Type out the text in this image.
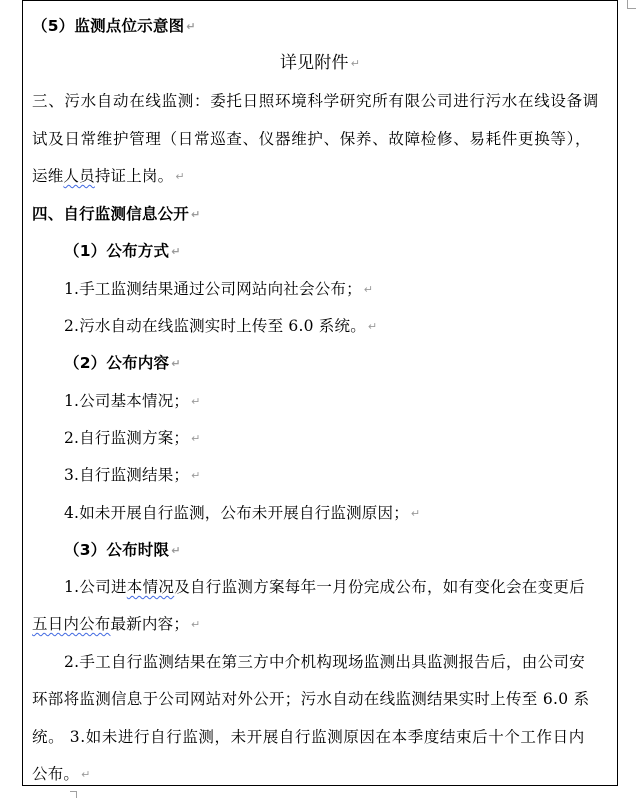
（5）监测点位示意图 ↵
详见附件 ↵
三、污水自动在线监测：委托日照环境科学研究所有限公司进行污水在线设备调
试及日常维护管理（日常巡查、仪器维护、保养、故障检修、易耗件更换等），
运维人员持证上岗。 ↵
四、自行监测信息公开 ↵
（1）公布方式 ↵
1.手工监测结果通过公司网站向社会公布； ↵
2.污水自动在线监测实时上传至 6.0 系统。 ↵
（2）公布内容 ↵
1.公司基本情况； ↵
2.自行监测方案； ↵
3.自行监测结果； ↵
4.如未开展自行监测，公布未开展自行监测原因； ↵
（3）公布时限 ↵
1.公司进本情况及自行监测方案每年一月份完成公布，如有变化会在变更后
五日内公布最新内容； ↵
2.手工自行监测结果在第三方中介机构现场监测出具监测报告后，由公司安
环部将监测信息于公司网站对外公开；污水自动在线监测结果实时上传至 6.0 系
统。 3.如未进行自行监测，未开展自行监测原因在本季度结束后十个工作日内
公布。 ↵
